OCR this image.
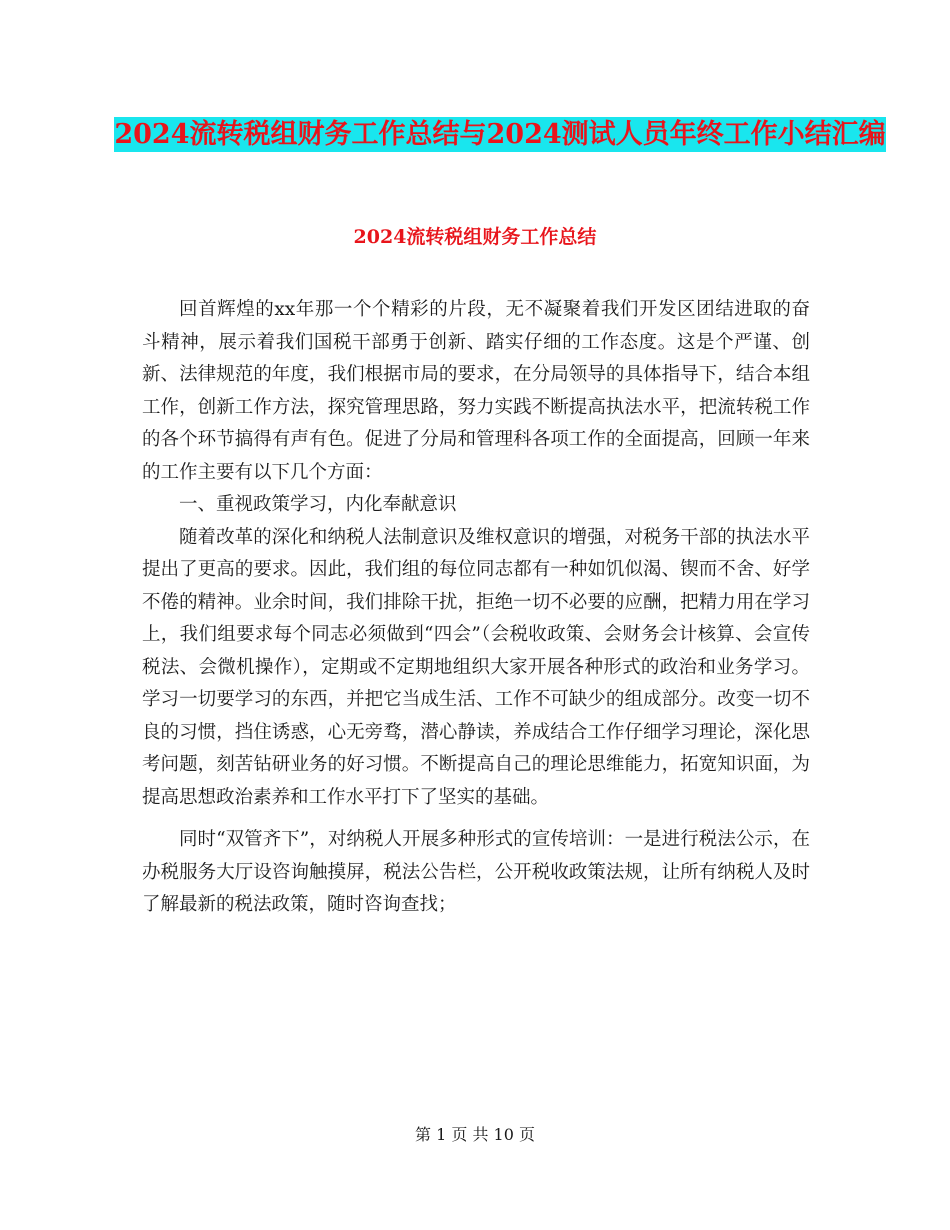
2024流转税组财务工作总结与2024测试人员年终工作小结汇编
2024流转税组财务工作总结

回首辉煌的xx年那一个个精彩的片段，无不凝聚着我们开发区团结进取的奋斗精神，展示着我们国税干部勇于创新、踏实仔细的工作态度。这是个严谨、创新、法律规范的年度，我们根据市局的要求，在分局领导的具体指导下，结合本组工作，创新工作方法，探究管理思路，努力实践不断提高执法水平，把流转税工作的各个环节搞得有声有色。促进了分局和管理科各项工作的全面提高，回顾一年来的工作主要有以下几个方面：

一、重视政策学习，内化奉献意识

随着改革的深化和纳税人法制意识及维权意识的增强，对税务干部的执法水平提出了更高的要求。因此，我们组的每位同志都有一种如饥似渴、锲而不舍、好学不倦的精神。业余时间，我们排除干扰，拒绝一切不必要的应酬，把精力用在学习上，我们组要求每个同志必须做到“四会”（会税收政策、会财务会计核算、会宣传税法、会微机操作），定期或不定期地组织大家开展各种形式的政治和业务学习。学习一切要学习的东西，并把它当成生活、工作不可缺少的组成部分。改变一切不良的习惯，挡住诱惑，心无旁骛，潜心静读，养成结合工作仔细学习理论，深化思考问题，刻苦钻研业务的好习惯。不断提高自己的理论思维能力，拓宽知识面，为提高思想政治素养和工作水平打下了坚实的基础。

同时“双管齐下”，对纳税人开展多种形式的宣传培训：一是进行税法公示，在办税服务大厅设咨询触摸屏，税法公告栏，公开税收政策法规，让所有纳税人及时了解最新的税法政策，随时咨询查找；

第 1 页 共 10 页
